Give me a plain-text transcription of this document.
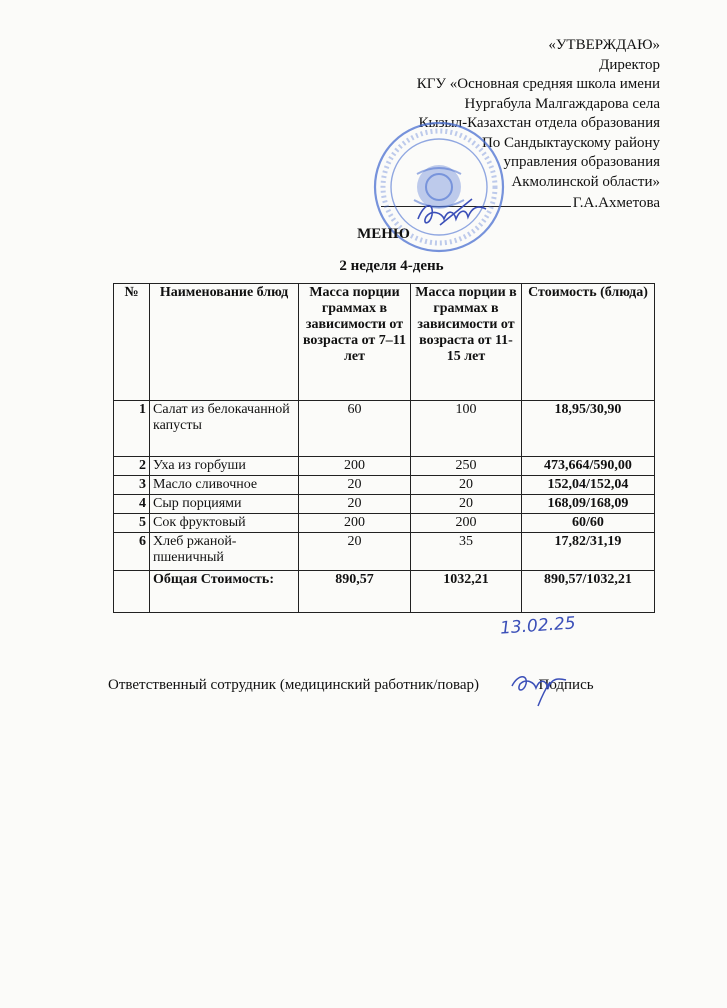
«УТВЕРЖДАЮ»
Директор
КГУ «Основная средняя школа имени
Нургабула Малгаждарова села
Кызыл-Казахстан отдела образования
По Сандыктаускому району
управления образования
Акмолинской области»
Г.А.Ахметова
МЕНЮ
2 неделя 4-день
№	Наименование блюд	Масса порции граммах в зависимости от возраста от 7–11 лет	Масса порции в граммах в зависимости от возраста от 11-15 лет	Стоимость (блюда)
1	Салат из белокачанной капусты	60	100	18,95/30,90
2	Уха из горбуши	200	250	473,664/590,00
3	Масло сливочное	20	20	152,04/152,04
4	Сыр порциями	20	20	168,09/168,09
5	Сок фруктовый	200	200	60/60
6	Хлеб ржаной-пшеничный	20	35	17,82/31,19
	Общая Стоимость:	890,57	1032,21	890,57/1032,21
13.02.25
Ответственный сотрудник (медицинский работник/повар)	Подпись
